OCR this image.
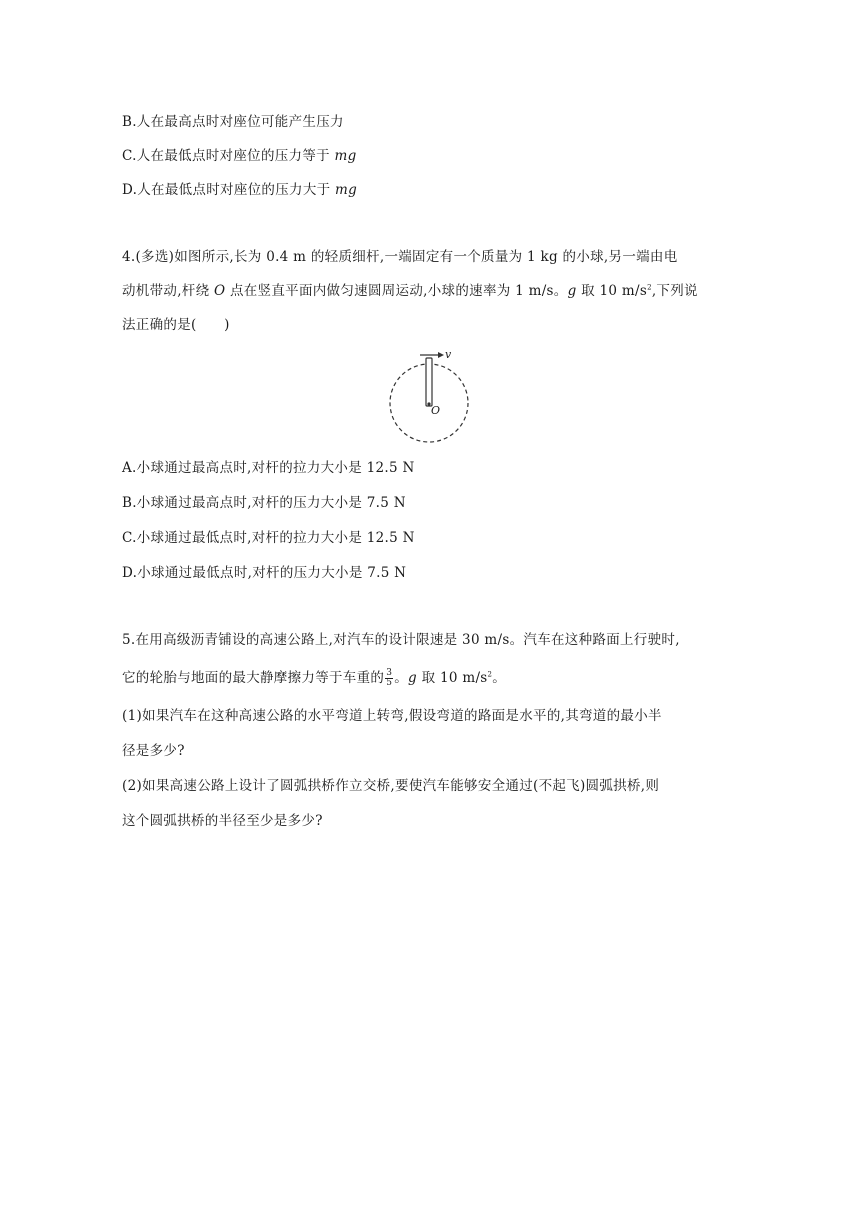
B.人在最高点时对座位可能产生压力
C.人在最低点时对座位的压力等于 mg
D.人在最低点时对座位的压力大于 mg
4.(多选)如图所示,长为 0.4 m 的轻质细杆,一端固定有一个质量为 1 kg 的小球,另一端由电
动机带动,杆绕 O 点在竖直平面内做匀速圆周运动,小球的速率为 1 m/s。g 取 10 $m/s^2$,下列说
法正确的是(　　)
v
O
A.小球通过最高点时,对杆的拉力大小是 12.5 N
B.小球通过最高点时,对杆的压力大小是 7.5 N
C.小球通过最低点时,对杆的拉力大小是 12.5 N
D.小球通过最低点时,对杆的压力大小是 7.5 N
5.在用高级沥青铺设的高速公路上,对汽车的设计限速是 30 m/s。汽车在这种路面上行驶时,
它的轮胎与地面的最大静摩擦力等于车重的 $\frac{3}{5}$ 。g 取 10 $m/s^2$。
(1)如果汽车在这种高速公路的水平弯道上转弯,假设弯道的路面是水平的,其弯道的最小半
径是多少?
(2)如果高速公路上设计了圆弧拱桥作立交桥,要使汽车能够安全通过(不起飞)圆弧拱桥,则
这个圆弧拱桥的半径至少是多少?
